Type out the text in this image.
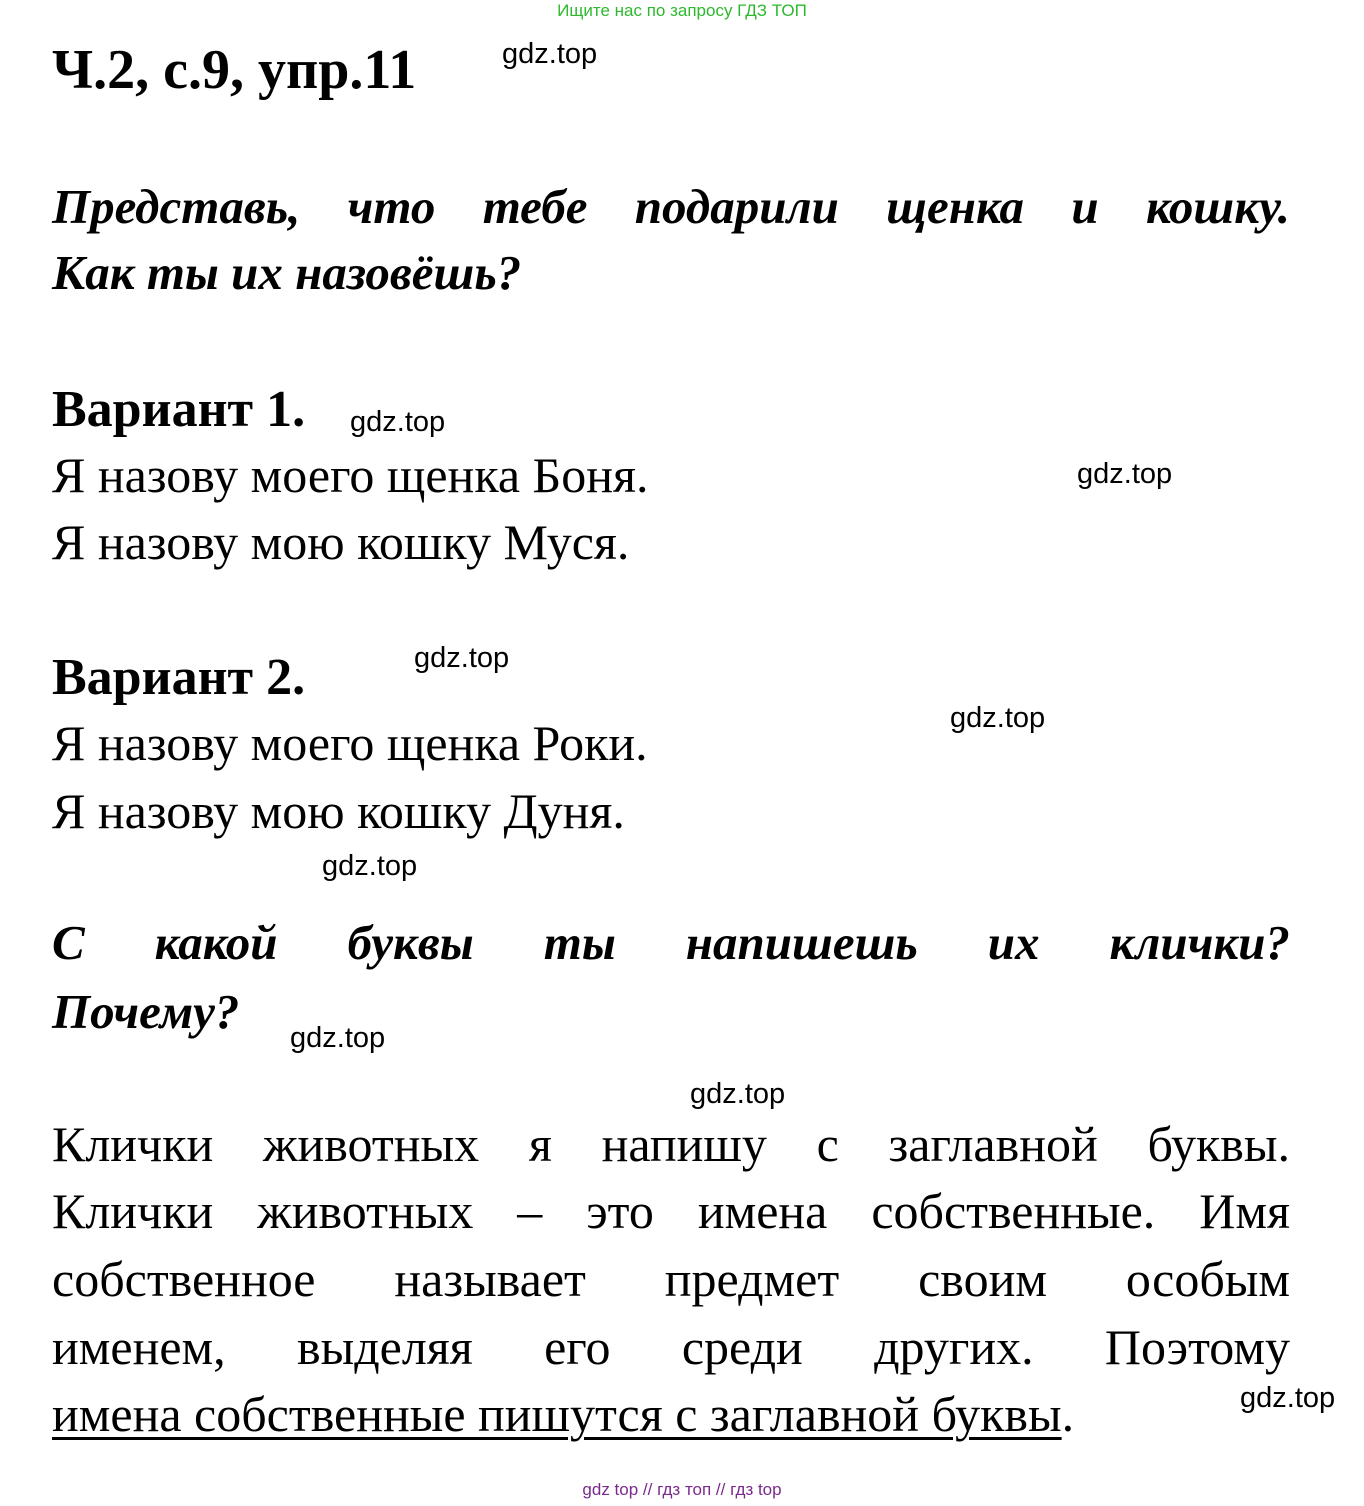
Ищите нас по запросу ГДЗ ТОП
Ч.2, с.9, упр.11	gdz.top
Представь, что тебе подарили щенка и кошку.
Как ты их назовёшь?
Вариант 1. gdz.top
Я назову моего щенка Боня.	gdz.top
Я назову мою кошку Муся.
Вариант 2.	gdz.top
gdz.top
Я назову моего щенка Роки.
Я назову мою кошку Дуня.
gdz.top
С какой буквы ты напишешь их клички?
Почему? gdz.top
gdz.top
Клички животных я напишу с заглавной буквы.
Клички животных – это имена собственные. Имя
собственное называет предмет своим особым
именем, выделяя его среди других. Поэтому
имена собственные пишутся с заглавной буквы.	gdz.top
gdz top // гдз топ // гдз top
